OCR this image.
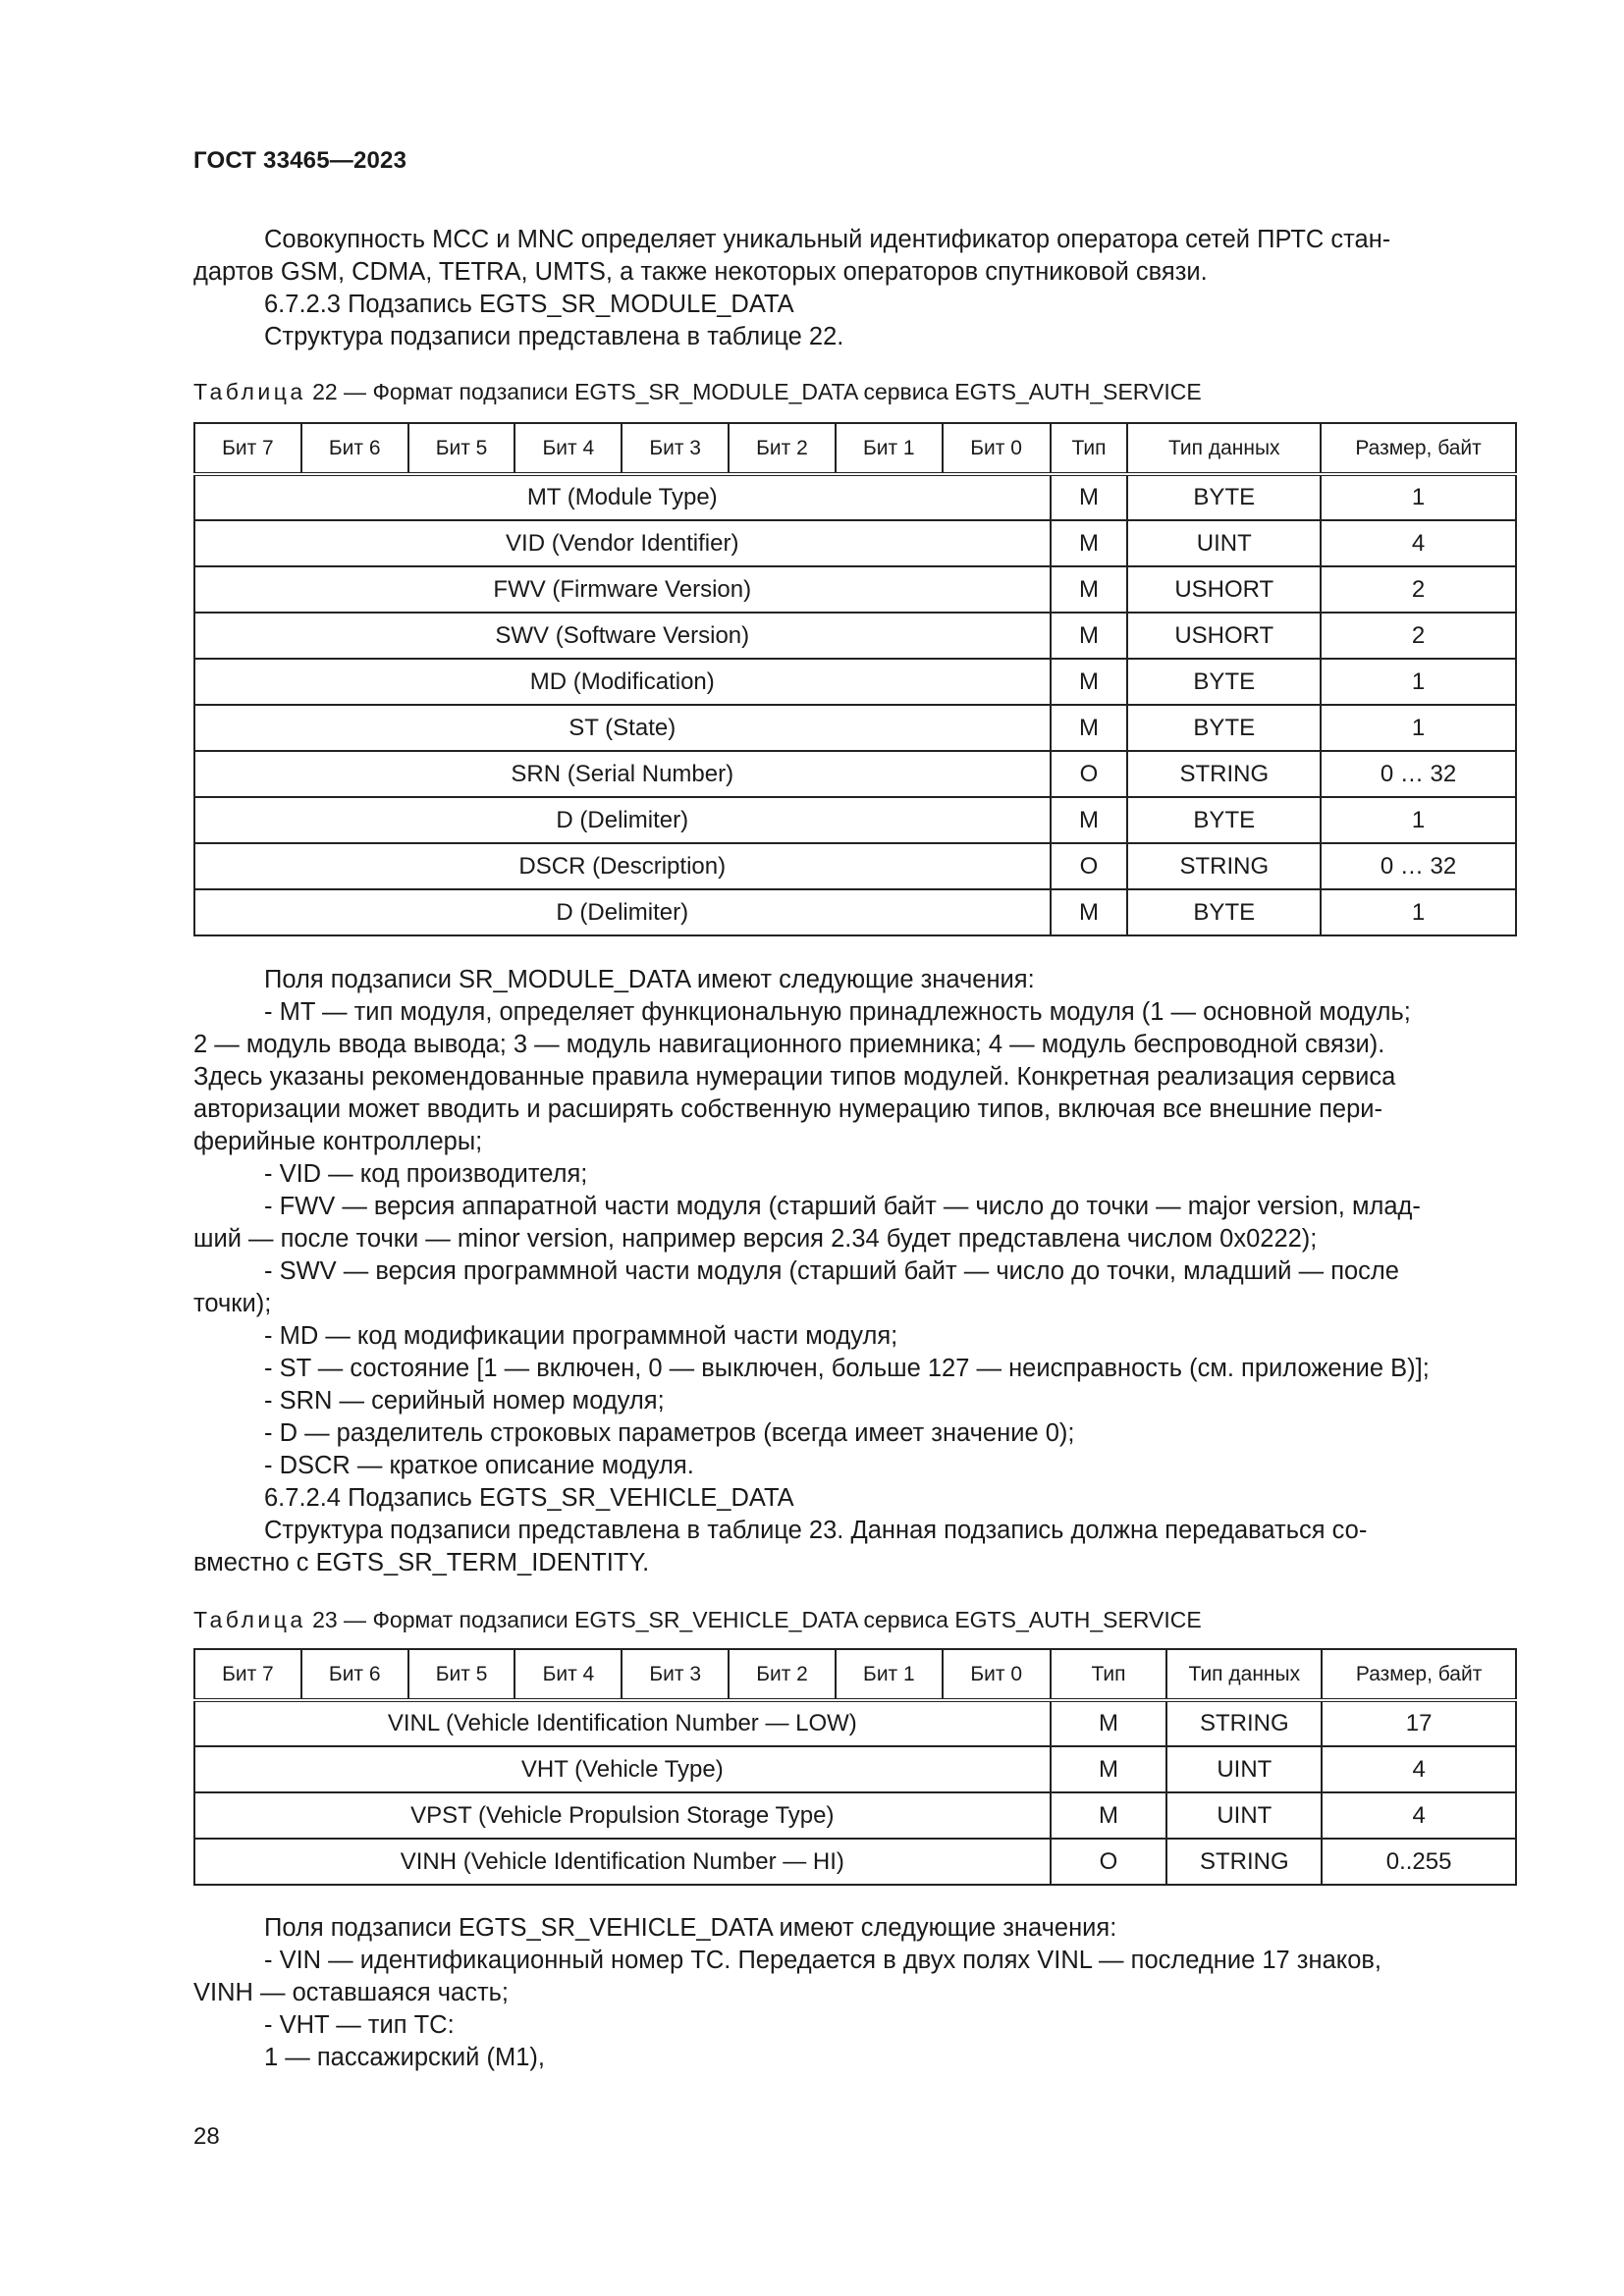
ГОСТ 33465—2023
Совокупность MCC и MNC определяет уникальный идентификатор оператора сетей ПРТС стан-
дартов GSM, CDMA, TETRA, UMTS, а также некоторых операторов спутниковой связи.
6.7.2.3 Подзапись EGTS_SR_MODULE_DATA
Структура подзаписи представлена в таблице 22.
Таблица 22 — Формат подзаписи EGTS_SR_MODULE_DATA сервиса EGTS_AUTH_SERVICE
Бит 7	Бит 6	Бит 5	Бит 4	Бит 3	Бит 2	Бит 1	Бит 0	Тип	Тип данных	Размер, байт
MT (Module Type)								M	BYTE	1
VID (Vendor Identifier)								M	UINT	4
FWV (Firmware Version)								M	USHORT	2
SWV (Software Version)								M	USHORT	2
MD (Modification)								M	BYTE	1
ST (State)								M	BYTE	1
SRN (Serial Number)								O	STRING	0 … 32
D (Delimiter)								M	BYTE	1
DSCR (Description)								O	STRING	0 … 32
D (Delimiter)								M	BYTE	1
Поля подзаписи SR_MODULE_DATA имеют следующие значения:
- MT — тип модуля, определяет функциональную принадлежность модуля (1 — основной модуль;
2 — модуль ввода вывода; 3 — модуль навигационного приемника; 4 — модуль беспроводной связи).
Здесь указаны рекомендованные правила нумерации типов модулей. Конкретная реализация сервиса
авторизации может вводить и расширять собственную нумерацию типов, включая все внешние пери-
ферийные контроллеры;
- VID — код производителя;
- FWV — версия аппаратной части модуля (старший байт — число до точки — major version, млад-
ший — после точки — minor version, например версия 2.34 будет представлена числом 0x0222);
- SWV — версия программной части модуля (старший байт — число до точки, младший — после
точки);
- MD — код модификации программной части модуля;
- ST — состояние [1 — включен, 0 — выключен, больше 127 — неисправность (см. приложение В)];
- SRN — серийный номер модуля;
- D — разделитель строковых параметров (всегда имеет значение 0);
- DSCR — краткое описание модуля.
6.7.2.4 Подзапись EGTS_SR_VEHICLE_DATA
Структура подзаписи представлена в таблице 23. Данная подзапись должна передаваться со-
вместно с EGTS_SR_TERM_IDENTITY.
Таблица 23 — Формат подзаписи EGTS_SR_VEHICLE_DATA сервиса EGTS_AUTH_SERVICE
Бит 7	Бит 6	Бит 5	Бит 4	Бит 3	Бит 2	Бит 1	Бит 0	Тип	Тип данных	Размер, байт
VINL (Vehicle Identification Number — LOW)								M	STRING	17
VHT (Vehicle Type)								M	UINT	4
VPST (Vehicle Propulsion Storage Type)								M	UINT	4
VINH (Vehicle Identification Number — HI)								O	STRING	0..255
Поля подзаписи EGTS_SR_VEHICLE_DATA имеют следующие значения:
- VIN — идентификационный номер ТС. Передается в двух полях VINL — последние 17 знаков,
VINH — оставшаяся часть;
- VHT — тип ТС:
1 — пассажирский (М1),
28
